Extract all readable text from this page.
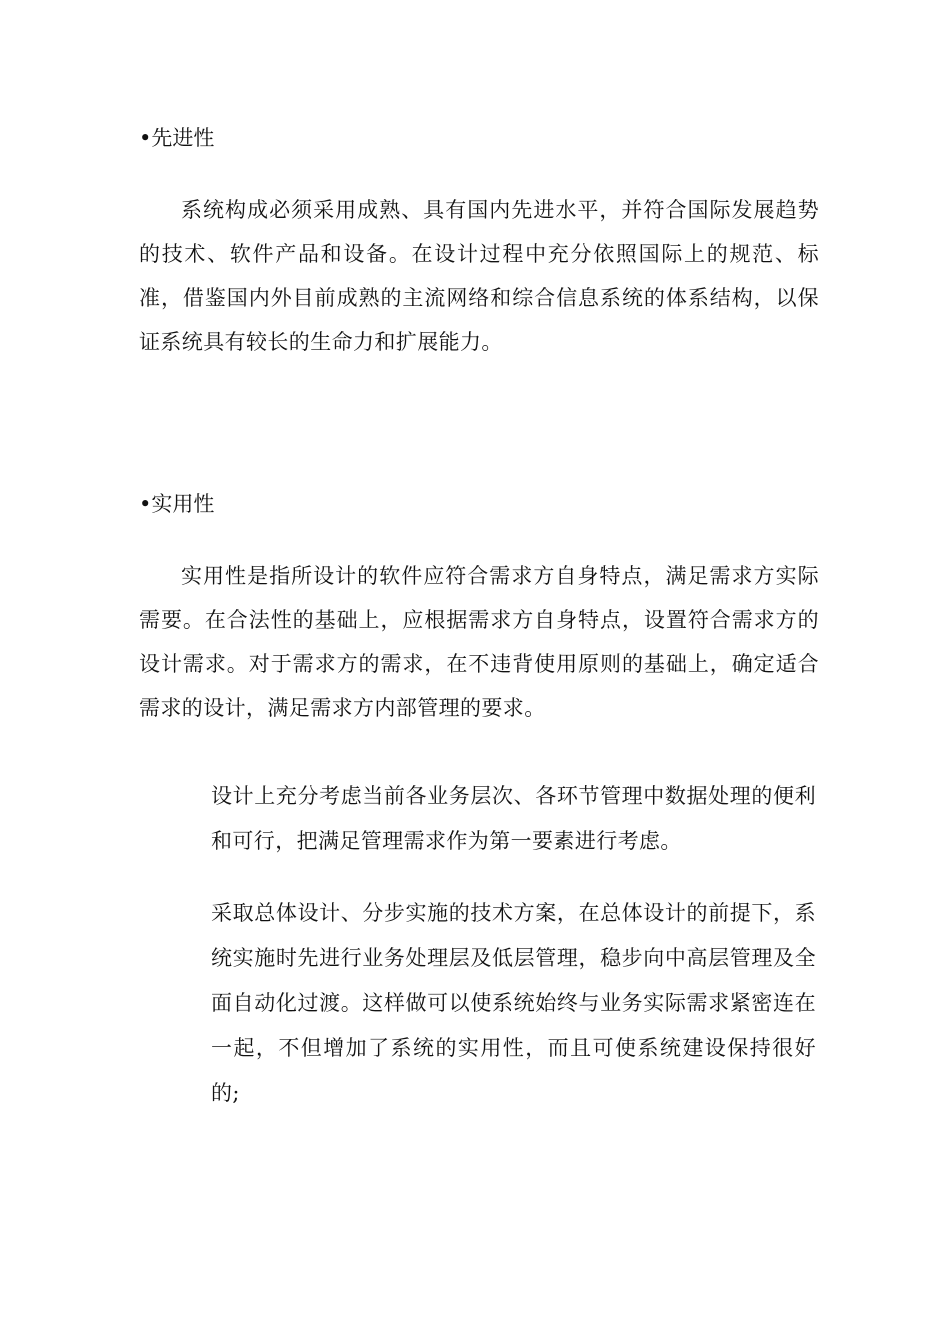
•先进性
系统构成必须采用成熟、具有国内先进水平，并符合国际发展趋势的技术、软件产品和设备。在设计过程中充分依照国际上的规范、标准，借鉴国内外目前成熟的主流网络和综合信息系统的体系结构，以保证系统具有较长的生命力和扩展能力。
•实用性
实用性是指所设计的软件应符合需求方自身特点，满足需求方实际需要。在合法性的基础上，应根据需求方自身特点，设置符合需求方的设计需求。对于需求方的需求，在不违背使用原则的基础上，确定适合需求的设计，满足需求方内部管理的要求。
设计上充分考虑当前各业务层次、各环节管理中数据处理的便利和可行，把满足管理需求作为第一要素进行考虑。
采取总体设计、分步实施的技术方案，在总体设计的前提下，系统实施时先进行业务处理层及低层管理，稳步向中高层管理及全面自动化过渡。这样做可以使系统始终与业务实际需求紧密连在一起，不但增加了系统的实用性，而且可使系统建设保持很好的;
